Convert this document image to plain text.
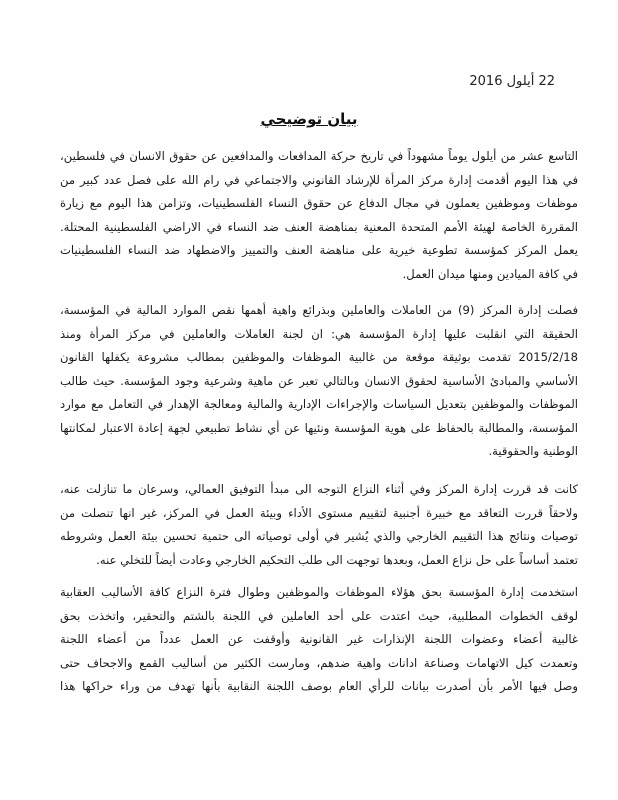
22 أيلول 2016
بيان توضيحي
التاسع عشر من أيلول يوماً مشهوداً في تاريخ حركة المدافعات والمدافعين عن حقوق الانسان في فلسطين،
في هذا اليوم أقدمت إدارة مركز المرأة للإرشاد القانوني والاجتماعي في رام الله على فصل عدد كبير من
موظفات وموظفين يعملون في مجال الدفاع عن حقوق النساء الفلسطينيات، وتزامن هذا اليوم مع زيارة
المقررة الخاصة لهيئة الأمم المتحدة المعنية بمناهضة العنف ضد النساء في الاراضي الفلسطينية المحتلة.
يعمل المركز كمؤسسة تطوعية خيرية على مناهضة العنف والتمييز والاضطهاد ضد النساء الفلسطينيات
في كافة الميادين ومنها ميدان العمل.
فصلت إدارة المركز (9) من العاملات والعاملين وبذرائع واهية أهمها نقص الموارد المالية في المؤسسة،
الحقيقة التي انقلبت عليها إدارة المؤسسة هي: ان لجنة العاملات والعاملين في مركز المرأة ومنذ
2015/2/18 تقدمت بوثيقة موقعة من غالبية الموظفات والموظفين بمطالب مشروعة يكفلها القانون
الأساسي والمبادئ الأساسية لحقوق الانسان وبالتالي تعبر عن ماهية وشرعية وجود المؤسسة. حيث طالب
الموظفات والموظفين بتعديل السياسات والإجراءات الإدارية والمالية ومعالجة الإهدار في التعامل مع موارد
المؤسسة، والمطالبة بالحفاظ على هوية المؤسسة ونئيها عن أي نشاط تطبيعي لجهة إعادة الاعتبار لمكانتها
الوطنية والحقوقية.
كانت قد قررت إدارة المركز وفي أثناء النزاع التوجه الى مبدأ التوفيق العمالي، وسرعان ما تنازلت عنه،
ولاحقاً قررت التعاقد مع خبيرة أجنبية لتقييم مستوى الأداء وبيئة العمل في المركز، غير انها تنصلت من
توصيات ونتائج هذا التقييم الخارجي والذي يُشير في أولى توصياته الى حتمية تحسين بيئة العمل وشروطه
تعتمد أساساً على حل نزاع العمل، وبعدها توجهت الى طلب التحكيم الخارجي وعادت أيضاً للتخلي عنه.
استخدمت إدارة المؤسسة بحق هؤلاء الموظفات والموظفين وطوال فترة النزاع كافة الأساليب العقابية
لوقف الخطوات المطلبية، حيث اعتدت على أحد العاملين في اللجنة بالشتم والتحقير، واتخذت بحق
غالبية أعضاء وعضوات اللجنة الإنذارات غير القانونية وأوقفت عن العمل عدداً من أعضاء اللجنة
وتعمدت كيل الاتهامات وصناعة ادانات واهية ضدهم، ومارست الكثير من أساليب القمع والاجحاف حتى
وصل فيها الأمر بأن أصدرت بيانات للرأي العام بوصف اللجنة النقابية بأنها تهدف من وراء حراكها هذا
